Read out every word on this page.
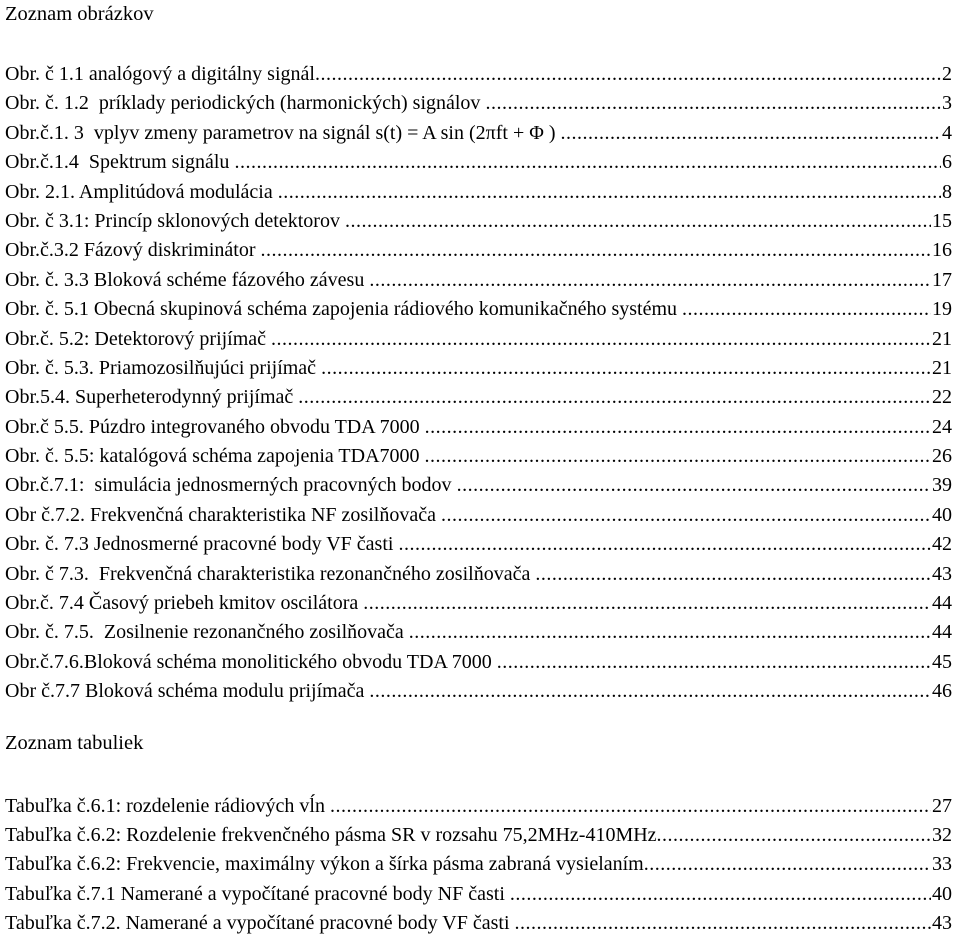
Zoznam obrázkov
Obr. č 1.1 analógový a digitálny signál .....	2
Obr. č. 1.2  príklady periodických (harmonických) signálov .....	3
Obr.č.1. 3  vplyv zmeny parametrov na signál s(t) = A sin (2πft + Φ ) .....	4
Obr.č.1.4  Spektrum signálu .....	6
Obr. 2.1. Amplitúdová modulácia .....	8
Obr. č 3.1: Princíp sklonových detektorov .....	15
Obr.č.3.2 Fázový diskriminátor .....	16
Obr. č. 3.3 Bloková schéme fázového závesu .....	17
Obr. č. 5.1 Obecná skupinová schéma zapojenia rádiového komunikačného systému .....	19
Obr.č. 5.2: Detektorový prijímač .....	21
Obr. č. 5.3. Priamozosilňujúci prijímač .....	21
Obr.5.4. Superheterodynný prijímač .....	22
Obr.č 5.5. Púzdro integrovaného obvodu TDA 7000 .....	24
Obr. č. 5.5: katalógová schéma zapojenia TDA7000 .....	26
Obr.č.7.1:  simulácia jednosmerných pracovných bodov .....	39
Obr č.7.2. Frekvenčná charakteristika NF zosilňovača .....	40
Obr. č. 7.3 Jednosmerné pracovné body VF časti .....	42
Obr. č 7.3.  Frekvenčná charakteristika rezonančného zosilňovača .....	43
Obr.č. 7.4 Časový priebeh kmitov oscilátora .....	44
Obr. č. 7.5.  Zosilnenie rezonančného zosilňovača .....	44
Obr.č.7.6.Bloková schéma monolitického obvodu TDA 7000 .....	45
Obr č.7.7 Bloková schéma modulu prijímača .....	46
Zoznam tabuliek
Tabuľka č.6.1: rozdelenie rádiových vĺn .....	27
Tabuľka č.6.2: Rozdelenie frekvenčného pásma SR v rozsahu 75,2MHz-410MHz .....	32
Tabuľka č.6.2: Frekvencie, maximálny výkon a šírka pásma zabraná vysielaním .....	33
Tabuľka č.7.1 Namerané a vypočítané pracovné body NF časti .....	40
Tabuľka č.7.2. Namerané a vypočítané pracovné body VF časti .....	43
